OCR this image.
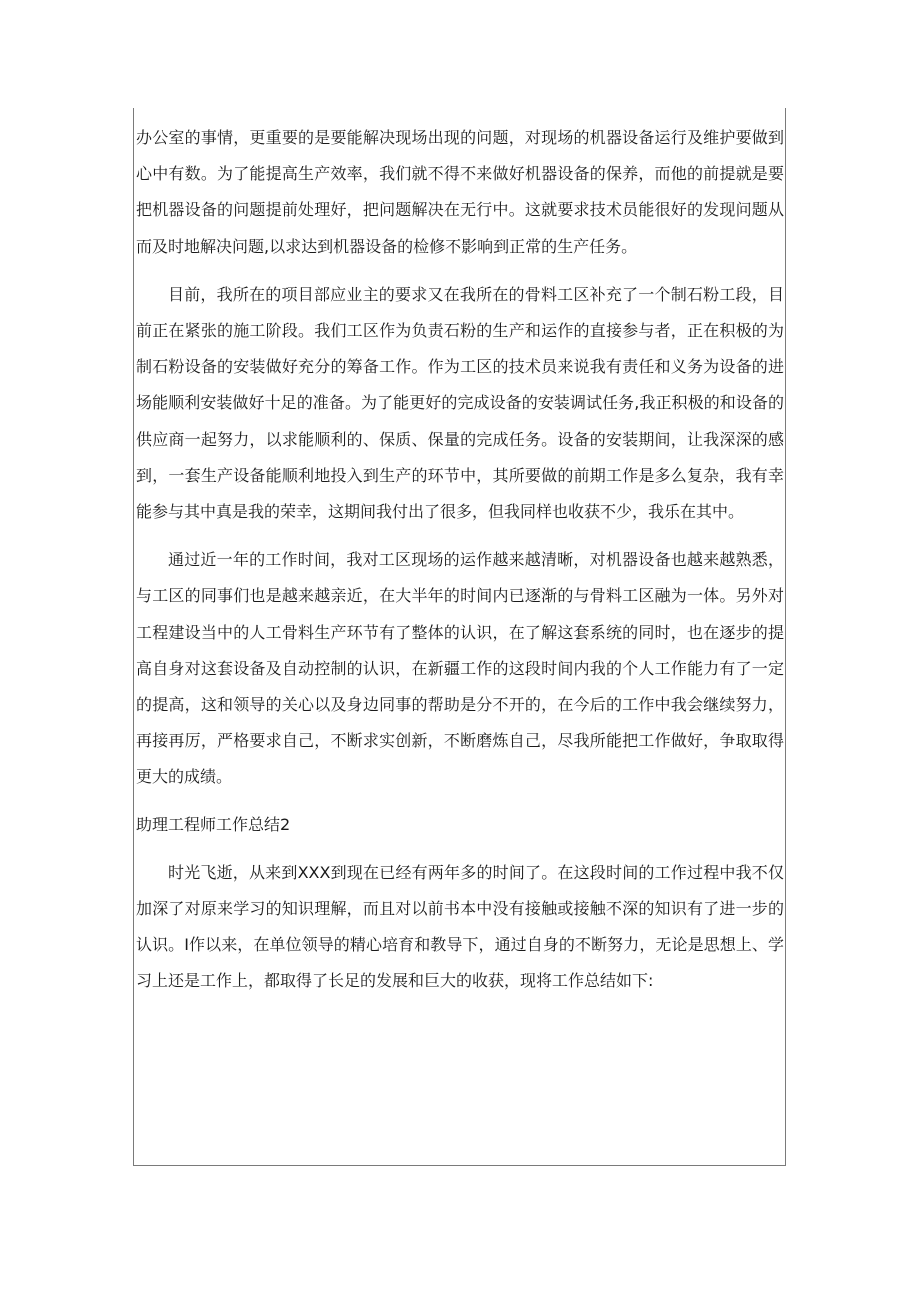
办公室的事情，更重要的是要能解决现场出现的问题，对现场的机器设备运行及维护要做到心中有数。为了能提高生产效率，我们就不得不来做好机器设备的保养，而他的前提就是要把机器设备的问题提前处理好，把问题解决在无行中。这就要求技术员能很好的发现问题从而及时地解决问题,以求达到机器设备的检修不影响到正常的生产任务。

目前，我所在的项目部应业主的要求又在我所在的骨料工区补充了一个制石粉工段，目前正在紧张的施工阶段。我们工区作为负责石粉的生产和运作的直接参与者，正在积极的为制石粉设备的安装做好充分的筹备工作。作为工区的技术员来说我有责任和义务为设备的进场能顺利安装做好十足的准备。为了能更好的完成设备的安装调试任务,我正积极的和设备的供应商一起努力，以求能顺利的、保质、保量的完成任务。设备的安装期间，让我深深的感到，一套生产设备能顺利地投入到生产的环节中，其所要做的前期工作是多么复杂，我有幸能参与其中真是我的荣幸，这期间我付出了很多，但我同样也收获不少，我乐在其中。

通过近一年的工作时间，我对工区现场的运作越来越清晰，对机器设备也越来越熟悉，与工区的同事们也是越来越亲近，在大半年的时间内已逐渐的与骨料工区融为一体。另外对工程建设当中的人工骨料生产环节有了整体的认识，在了解这套系统的同时，也在逐步的提高自身对这套设备及自动控制的认识，在新疆工作的这段时间内我的个人工作能力有了一定的提高，这和领导的关心以及身边同事的帮助是分不开的，在今后的工作中我会继续努力，再接再厉，严格要求自己，不断求实创新，不断磨炼自己，尽我所能把工作做好，争取取得更大的成绩。

助理工程师工作总结2

时光飞逝，从来到XXX到现在已经有两年多的时间了。在这段时间的工作过程中我不仅加深了对原来学习的知识理解，而且对以前书本中没有接触或接触不深的知识有了进一步的认识。I作以来，在单位领导的精心培育和教导下，通过自身的不断努力，无论是思想上、学习上还是工作上，都取得了长足的发展和巨大的收获，现将工作总结如下:
